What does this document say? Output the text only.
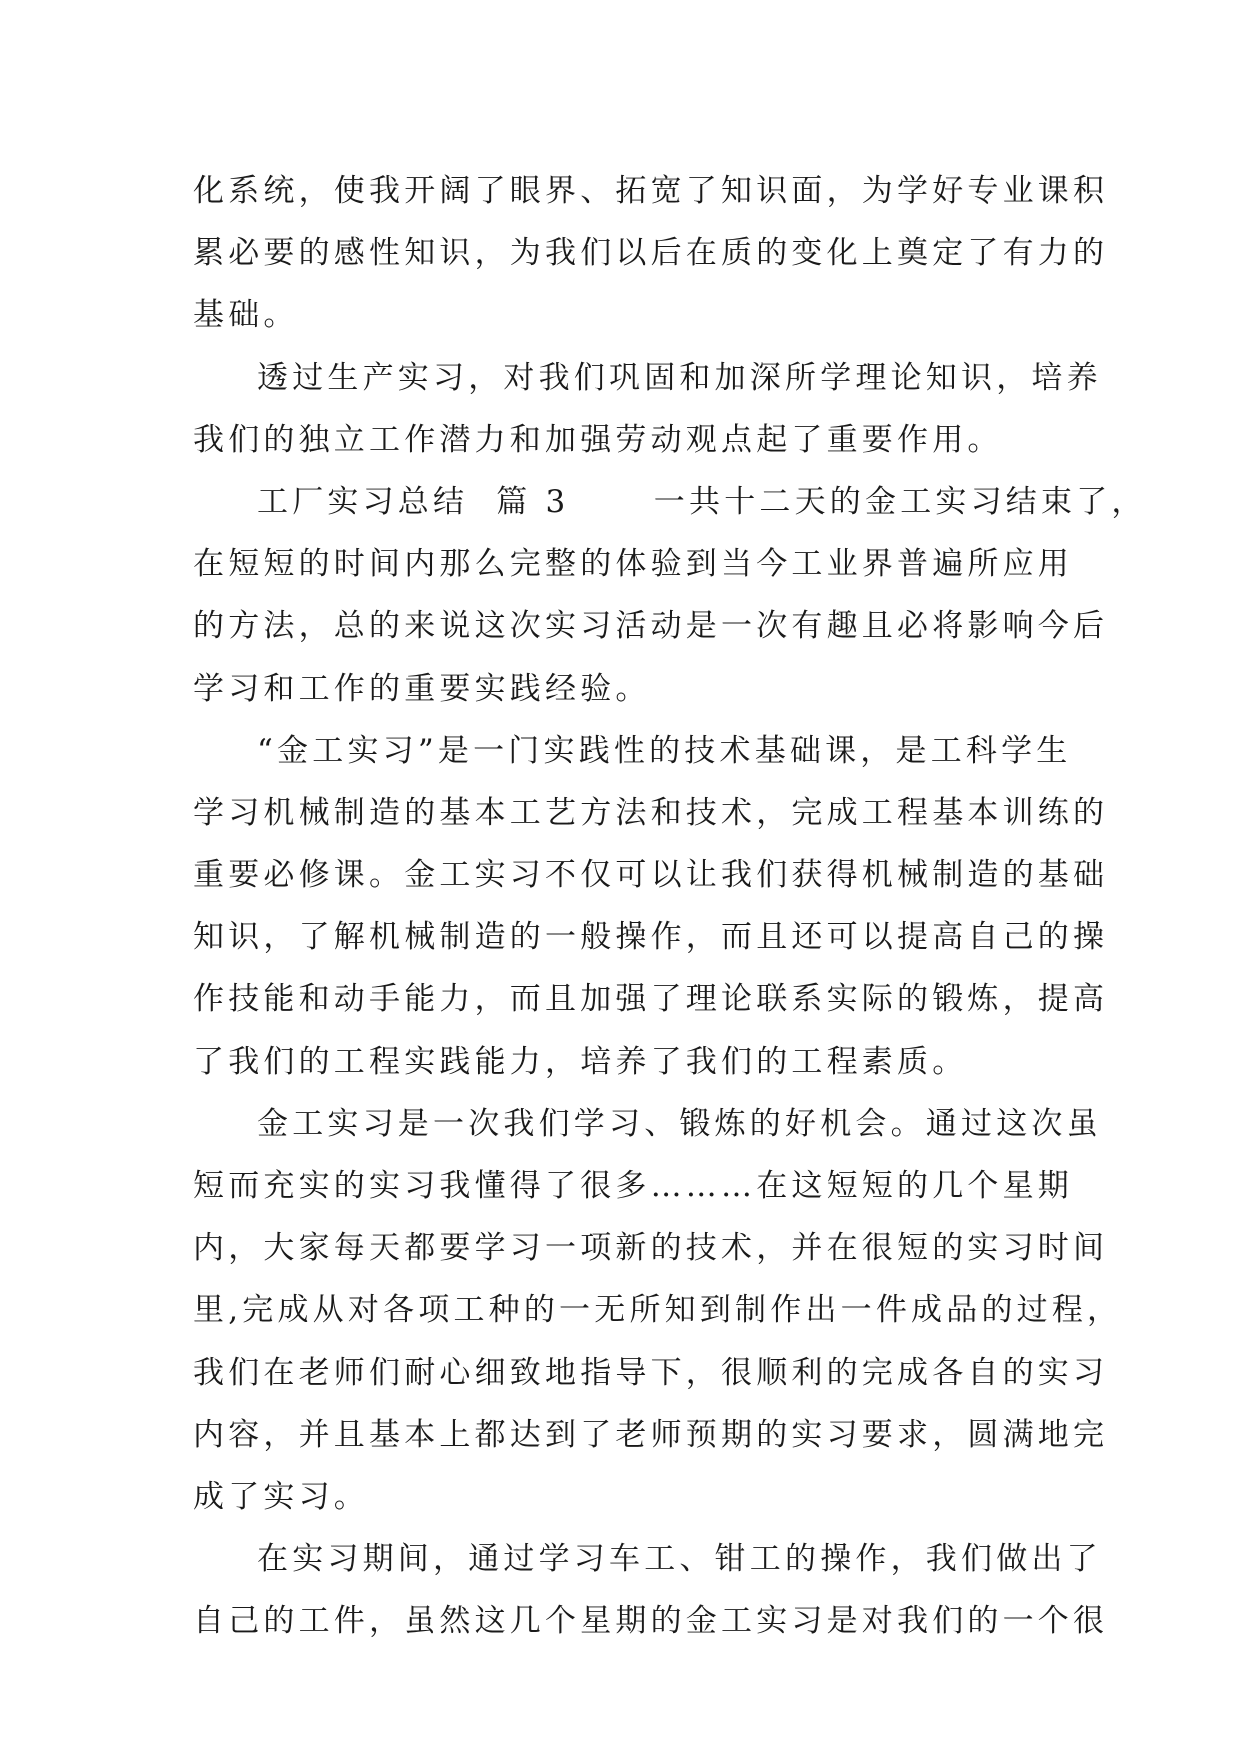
化系统，使我开阔了眼界、拓宽了知识面，为学好专业课积
累必要的感性知识，为我们以后在质的变化上奠定了有力的
基础。
透过生产实习，对我们巩固和加深所学理论知识，培养
我们的独立工作潜力和加强劳动观点起了重要作用。
工厂实习总结  篇 3      一共十二天的金工实习结束了，
在短短的时间内那么完整的体验到当今工业界普遍所应用
的方法，总的来说这次实习活动是一次有趣且必将影响今后
学习和工作的重要实践经验。
“金工实习”是一门实践性的技术基础课，是工科学生
学习机械制造的基本工艺方法和技术，完成工程基本训练的
重要必修课。金工实习不仅可以让我们获得机械制造的基础
知识，了解机械制造的一般操作，而且还可以提高自己的操
作技能和动手能力，而且加强了理论联系实际的锻炼，提高
了我们的工程实践能力，培养了我们的工程素质。
金工实习是一次我们学习、锻炼的好机会。通过这次虽
短而充实的实习我懂得了很多………在这短短的几个星期
内，大家每天都要学习一项新的技术，并在很短的实习时间
里,完成从对各项工种的一无所知到制作出一件成品的过程，
我们在老师们耐心细致地指导下，很顺利的完成各自的实习
内容，并且基本上都达到了老师预期的实习要求，圆满地完
成了实习。
在实习期间，通过学习车工、钳工的操作，我们做出了
自己的工件，虽然这几个星期的金工实习是对我们的一个很
